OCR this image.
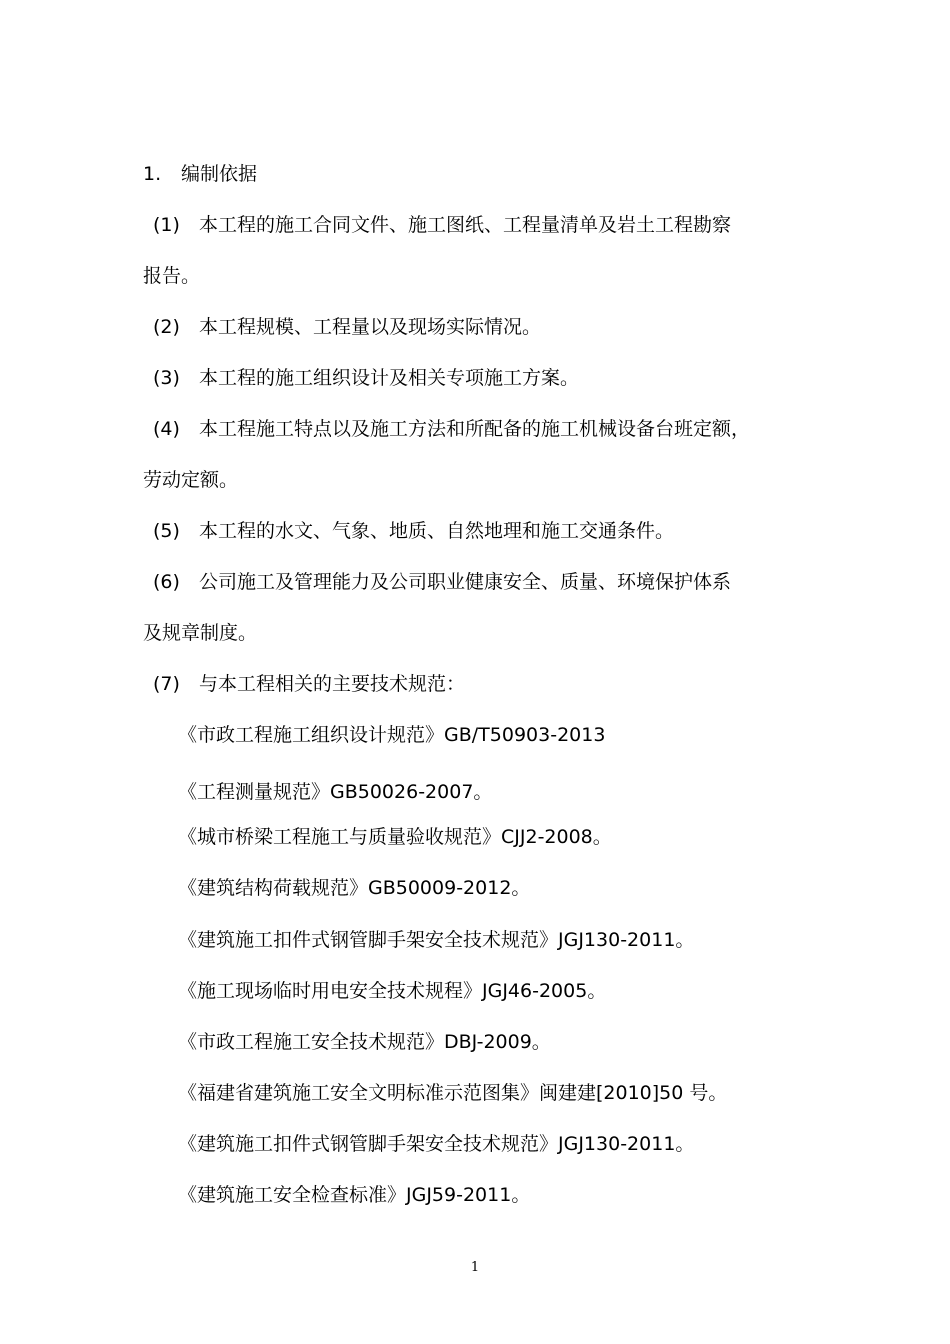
1. 编制依据
(1) 本工程的施工合同文件、施工图纸、工程量清单及岩土工程勘察
报告。
(2) 本工程规模、工程量以及现场实际情况。
(3) 本工程的施工组织设计及相关专项施工方案。
(4) 本工程施工特点以及施工方法和所配备的施工机械设备台班定额，
劳动定额。
(5) 本工程的水文、气象、地质、自然地理和施工交通条件。
(6) 公司施工及管理能力及公司职业健康安全、质量、环境保护体系
及规章制度。
(7) 与本工程相关的主要技术规范：
《市政工程施工组织设计规范》GB/T50903-2013
《工程测量规范》GB50026-2007。
《城市桥梁工程施工与质量验收规范》CJJ2-2008。
《建筑结构荷载规范》GB50009-2012。
《建筑施工扣件式钢管脚手架安全技术规范》JGJ130-2011。
《施工现场临时用电安全技术规程》JGJ46-2005。
《市政工程施工安全技术规范》DBJ-2009。
《福建省建筑施工安全文明标准示范图集》闽建建[2010]50 号。
《建筑施工扣件式钢管脚手架安全技术规范》JGJ130-2011。
《建筑施工安全检查标准》JGJ59-2011。
1
